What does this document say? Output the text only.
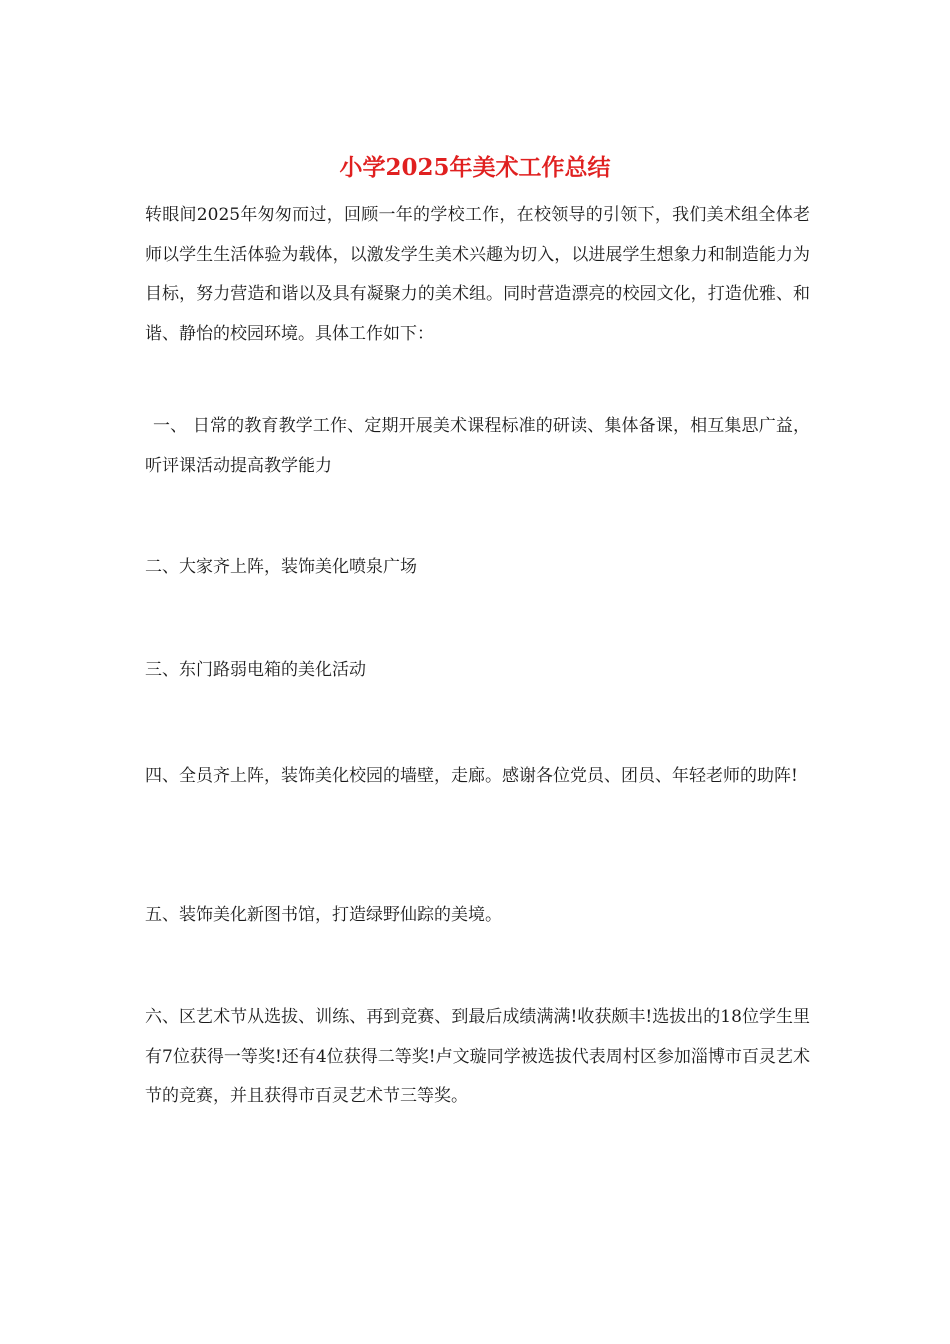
小学2025年美术工作总结

转眼间2025年匆匆而过，回顾一年的学校工作，在校领导的引领下，我们美术组全体老师以学生生活体验为载体，以激发学生美术兴趣为切入，以进展学生想象力和制造能力为目标，努力营造和谐以及具有凝聚力的美术组。同时营造漂亮的校园文化，打造优雅、和谐、静怡的校园环境。具体工作如下：

一、 日常的教育教学工作、定期开展美术课程标准的研读、集体备课，相互集思广益，听评课活动提高教学能力

二、大家齐上阵，装饰美化喷泉广场

三、东门路弱电箱的美化活动

四、全员齐上阵，装饰美化校园的墙壁，走廊。感谢各位党员、团员、年轻老师的助阵!

五、装饰美化新图书馆，打造绿野仙踪的美境。

六、区艺术节从选拔、训练、再到竞赛、到最后成绩满满!收获颇丰!选拔出的18位学生里有7位获得一等奖!还有4位获得二等奖!卢文璇同学被选拔代表周村区参加淄博市百灵艺术节的竞赛，并且获得市百灵艺术节三等奖。
